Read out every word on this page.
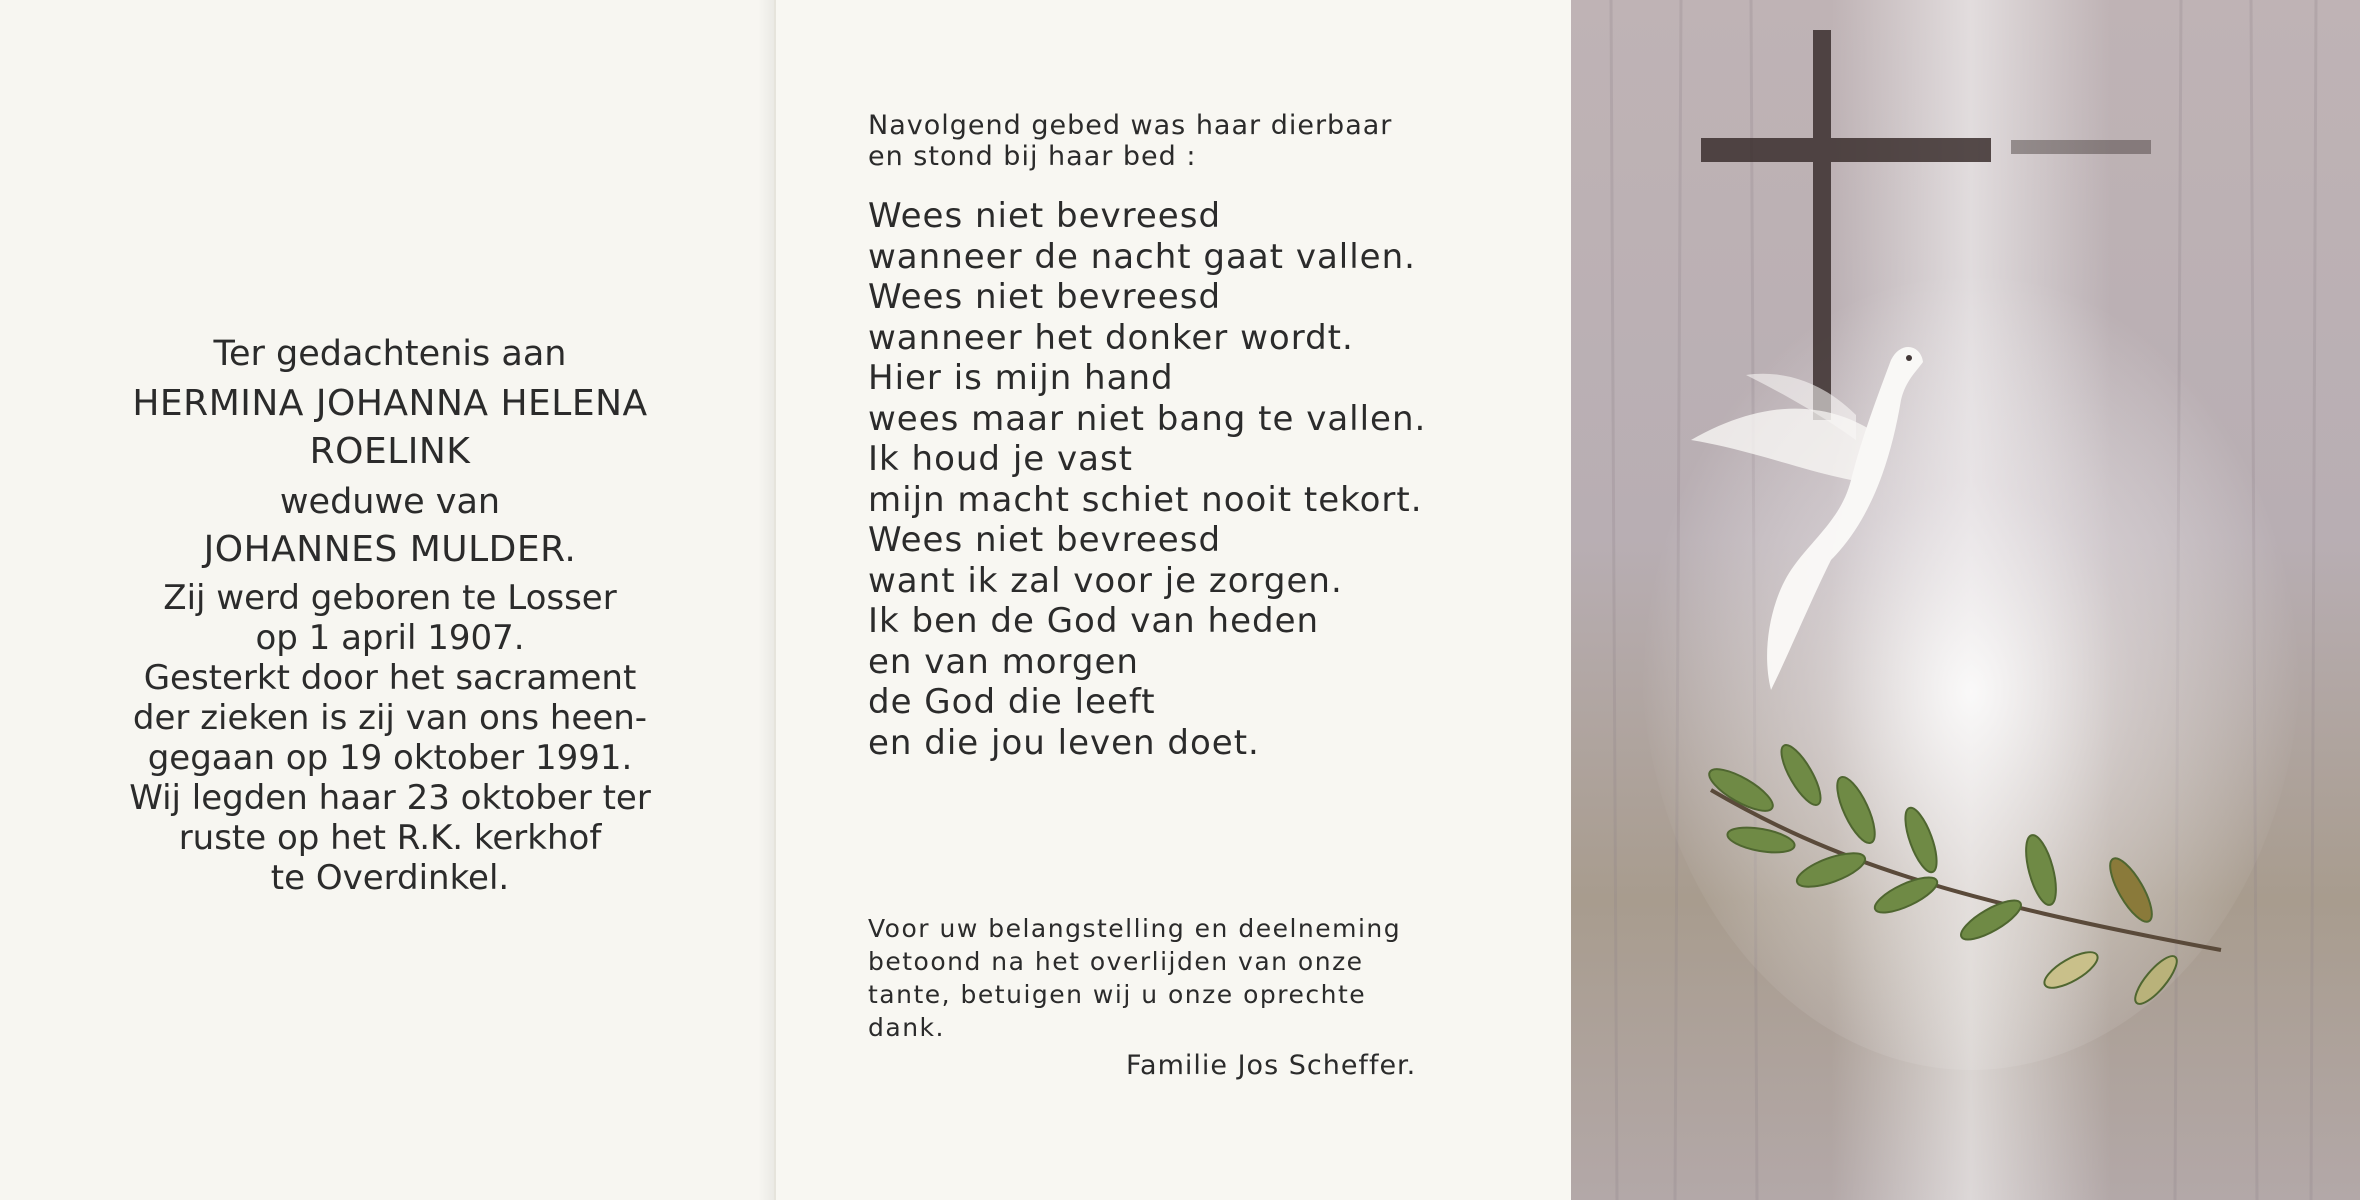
Ter gedachtenis aan
HERMINA JOHANNA HELENA
ROELINK
weduwe van
JOHANNES MULDER.
Zij werd geboren te Losser
op 1 april 1907.
Gesterkt door het sacrament
der zieken is zij van ons heen-
gegaan op 19 oktober 1991.
Wij legden haar 23 oktober ter
ruste op het R.K. kerkhof
te Overdinkel.
Navolgend gebed was haar dierbaar
en stond bij haar bed :
Wees niet bevreesd
wanneer de nacht gaat vallen.
Wees niet bevreesd
wanneer het donker wordt.
Hier is mijn hand
wees maar niet bang te vallen.
Ik houd je vast
mijn macht schiet nooit tekort.
Wees niet bevreesd
want ik zal voor je zorgen.
Ik ben de God van heden
en van morgen
de God die leeft
en die jou leven doet.
Voor uw belangstelling en deelneming
betoond na het overlijden van onze
tante, betuigen wij u onze oprechte
dank.
Familie Jos Scheffer.
